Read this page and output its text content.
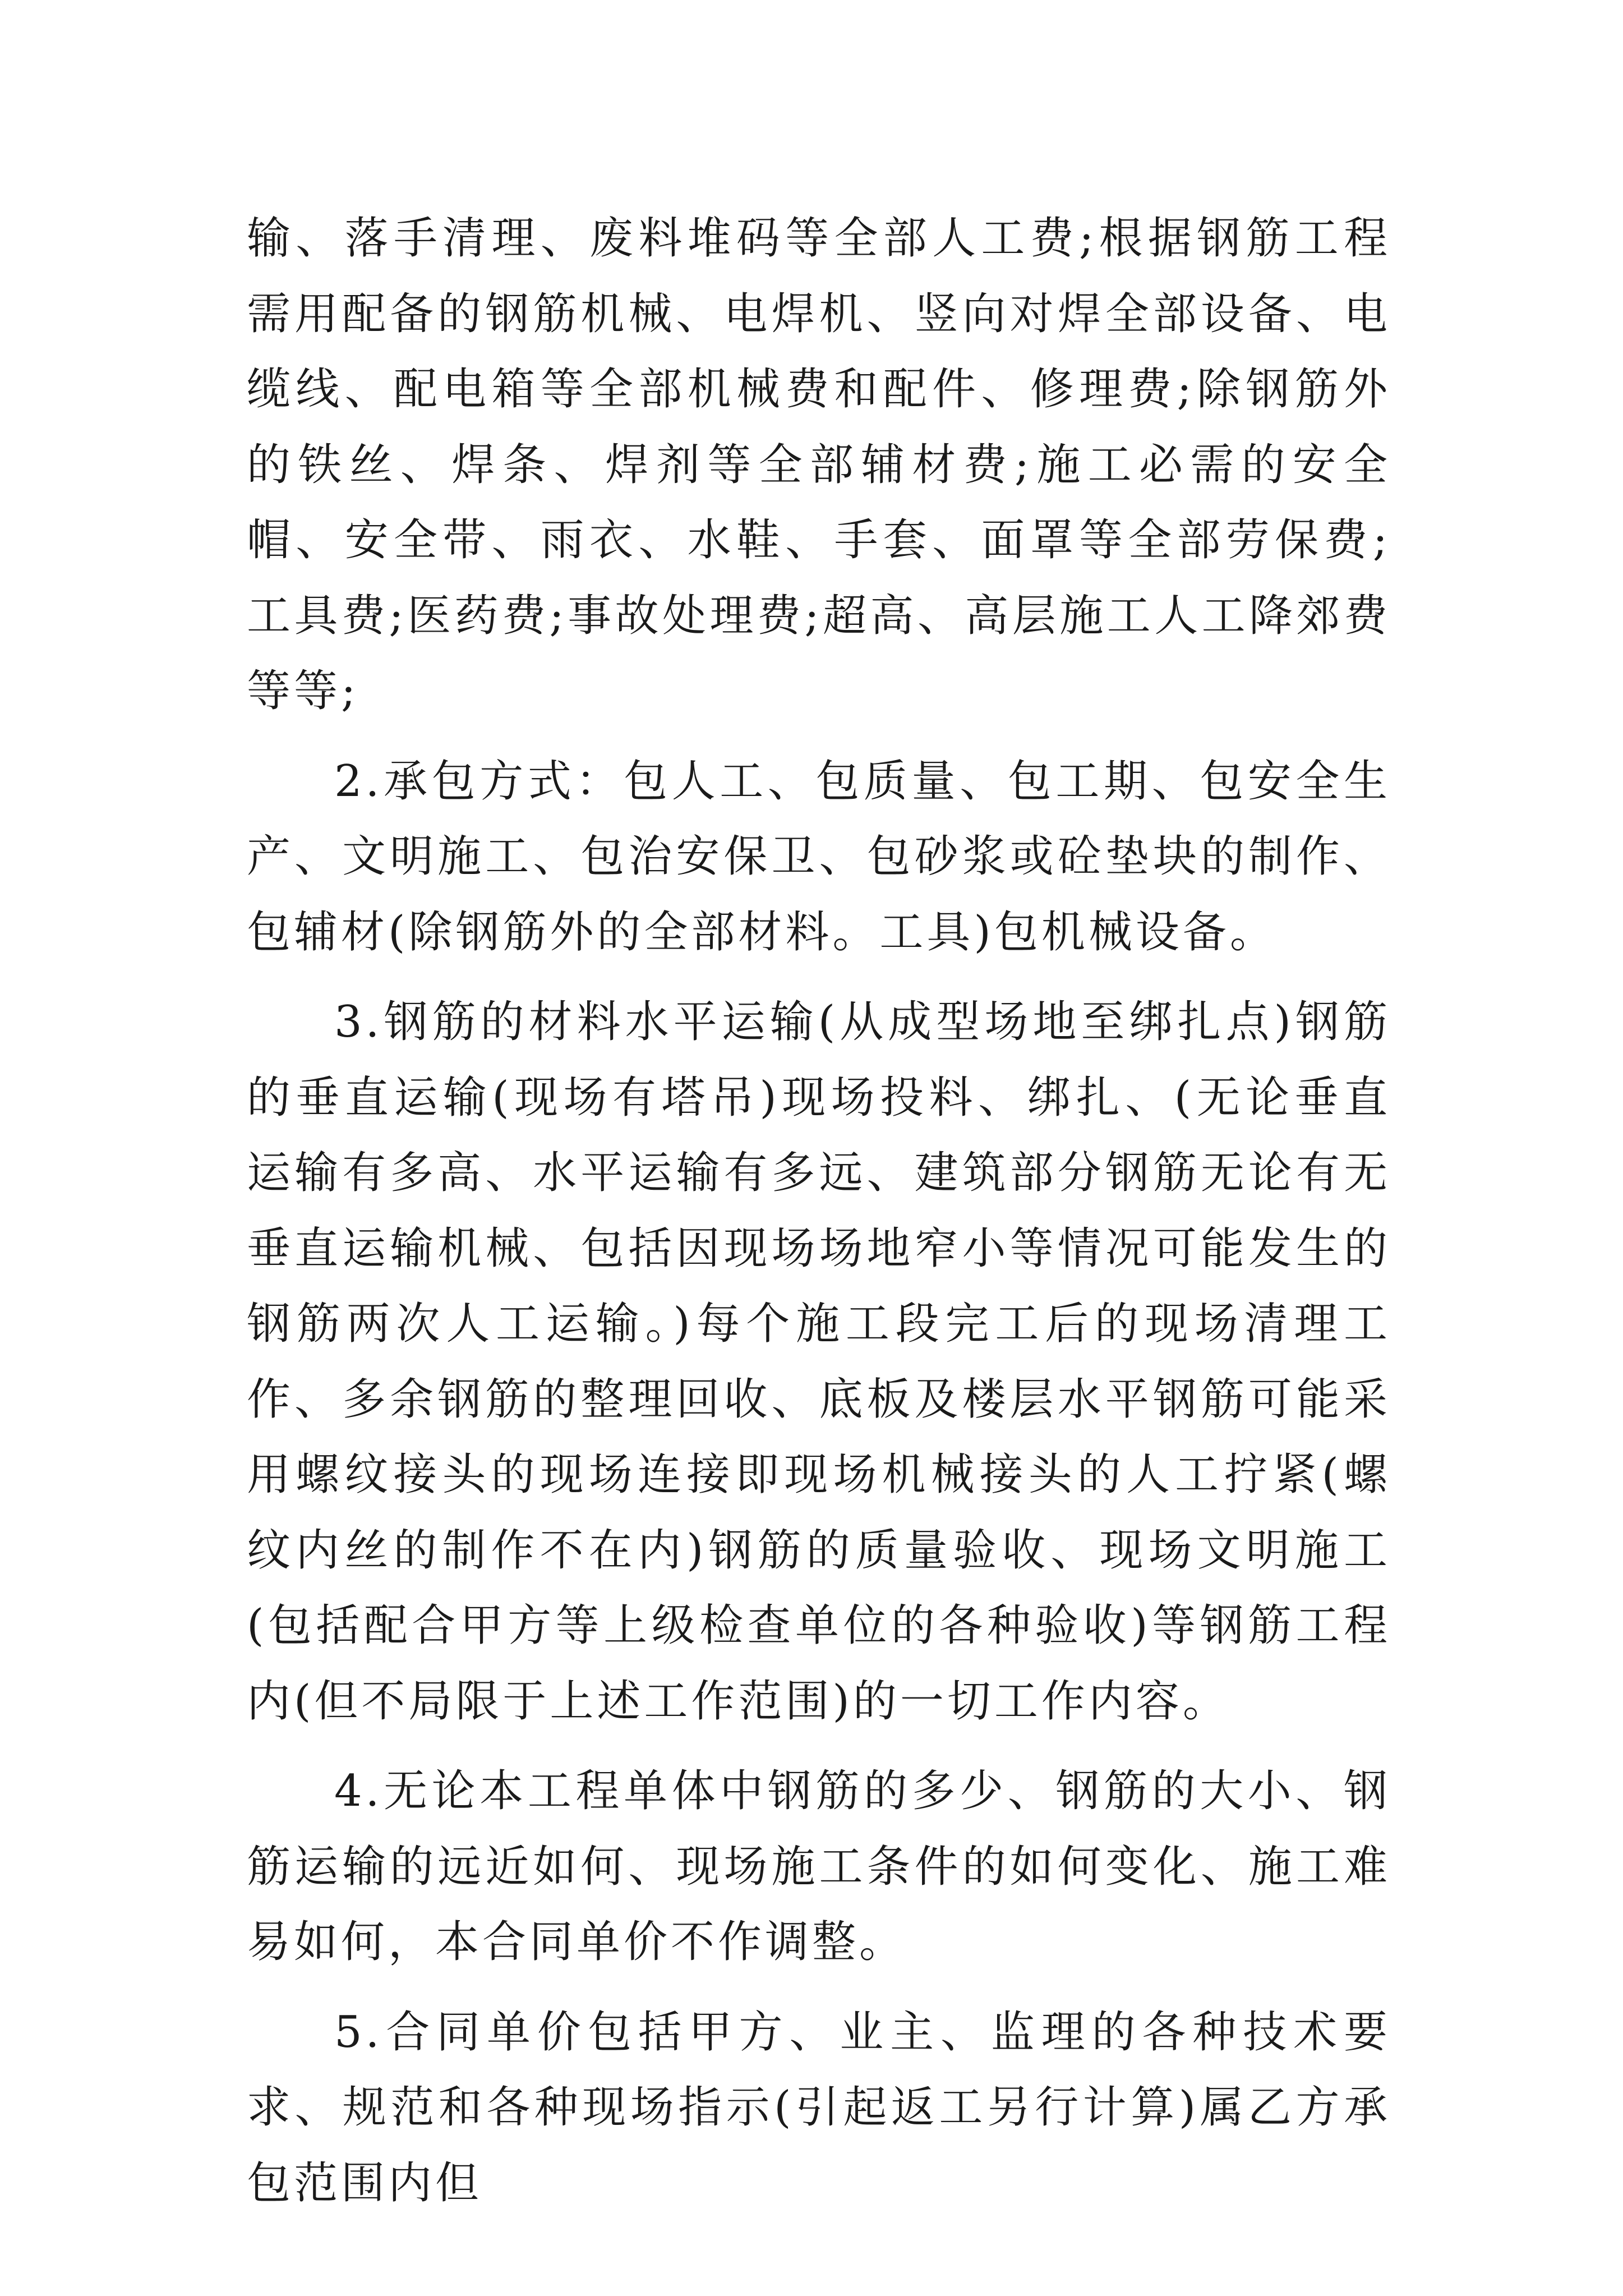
输、落手清理、废料堆码等全部人工费;根据钢筋工程需用配备的钢筋机械、电焊机、竖向对焊全部设备、电缆线、配电箱等全部机械费和配件、修理费;除钢筋外的铁丝、焊条、焊剂等全部辅材费;施工必需的安全帽、安全带、雨衣、水鞋、手套、面罩等全部劳保费;工具费;医药费;事故处理费;超高、高层施工人工降郊费等等;

2.承包方式：包人工、包质量、包工期、包安全生产、文明施工、包治安保卫、包砂浆或砼垫块的制作、包辅材(除钢筋外的全部材料。工具)包机械设备。

3.钢筋的材料水平运输(从成型场地至绑扎点)钢筋的垂直运输(现场有塔吊)现场投料、绑扎、(无论垂直运输有多高、水平运输有多远、建筑部分钢筋无论有无垂直运输机械、包括因现场场地窄小等情况可能发生的钢筋两次人工运输。)每个施工段完工后的现场清理工作、多余钢筋的整理回收、底板及楼层水平钢筋可能采用螺纹接头的现场连接即现场机械接头的人工拧紧(螺纹内丝的制作不在内)钢筋的质量验收、现场文明施工(包括配合甲方等上级检查单位的各种验收)等钢筋工程内(但不局限于上述工作范围)的一切工作内容。

4.无论本工程单体中钢筋的多少、钢筋的大小、钢筋运输的远近如何、现场施工条件的如何变化、施工难易如何，本合同单价不作调整。

5.合同单价包括甲方、业主、监理的各种技术要求、规范和各种现场指示(引起返工另行计算)属乙方承包范围内但
